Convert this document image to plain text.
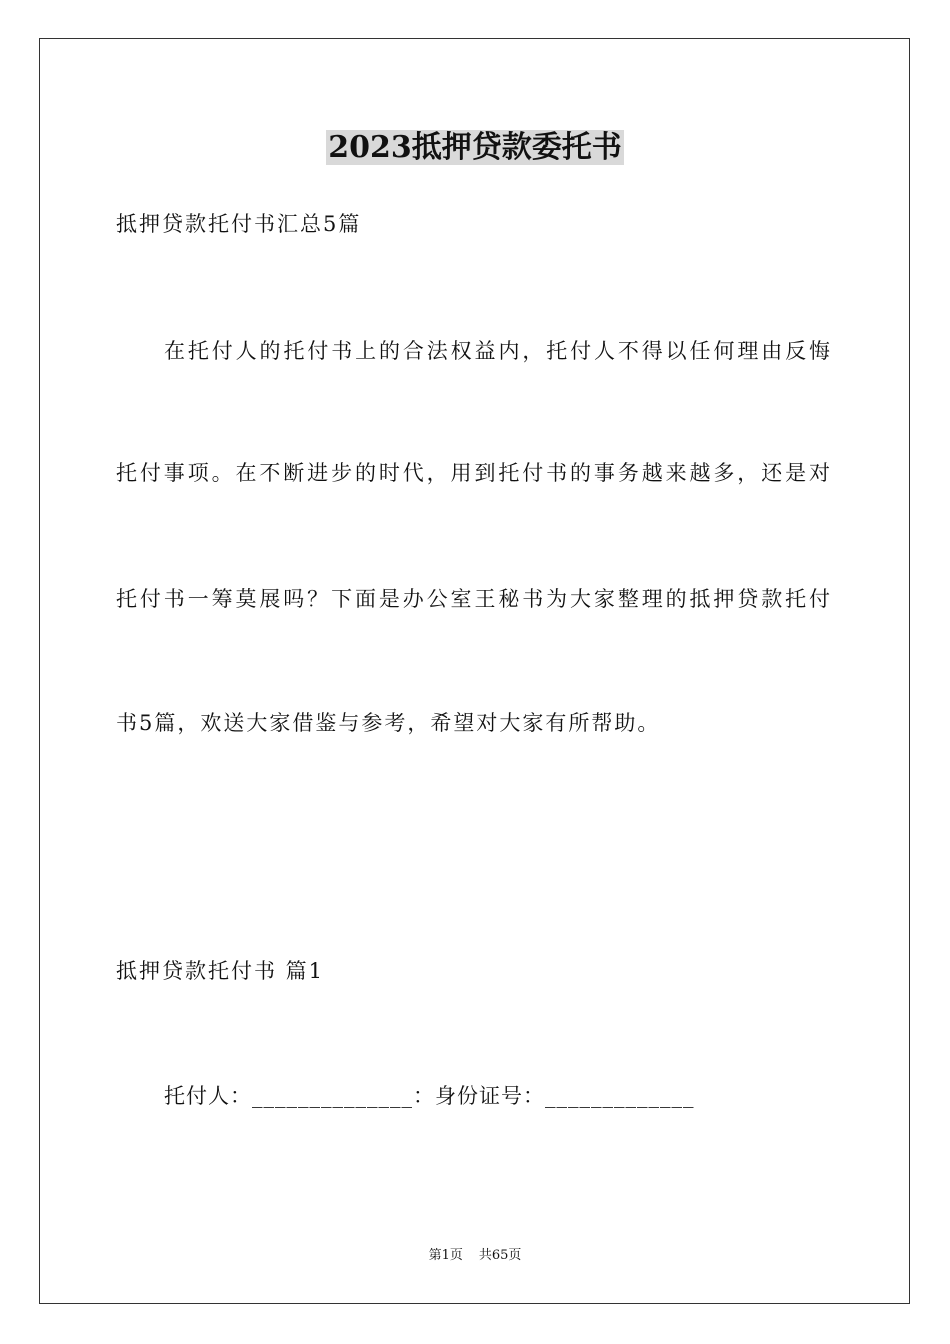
2023抵押贷款委托书
抵押贷款托付书汇总5篇
在托付人的托付书上的合法权益内，托付人不得以任何理由反悔
托付事项。在不断进步的时代，用到托付书的事务越来越多，还是对
托付书一筹莫展吗？下面是办公室王秘书为大家整理的抵押贷款托付
书5篇，欢送大家借鉴与参考，希望对大家有所帮助。
抵押贷款托付书 篇1
托付人：______________：身份证号：_____________
第1页 共65页
